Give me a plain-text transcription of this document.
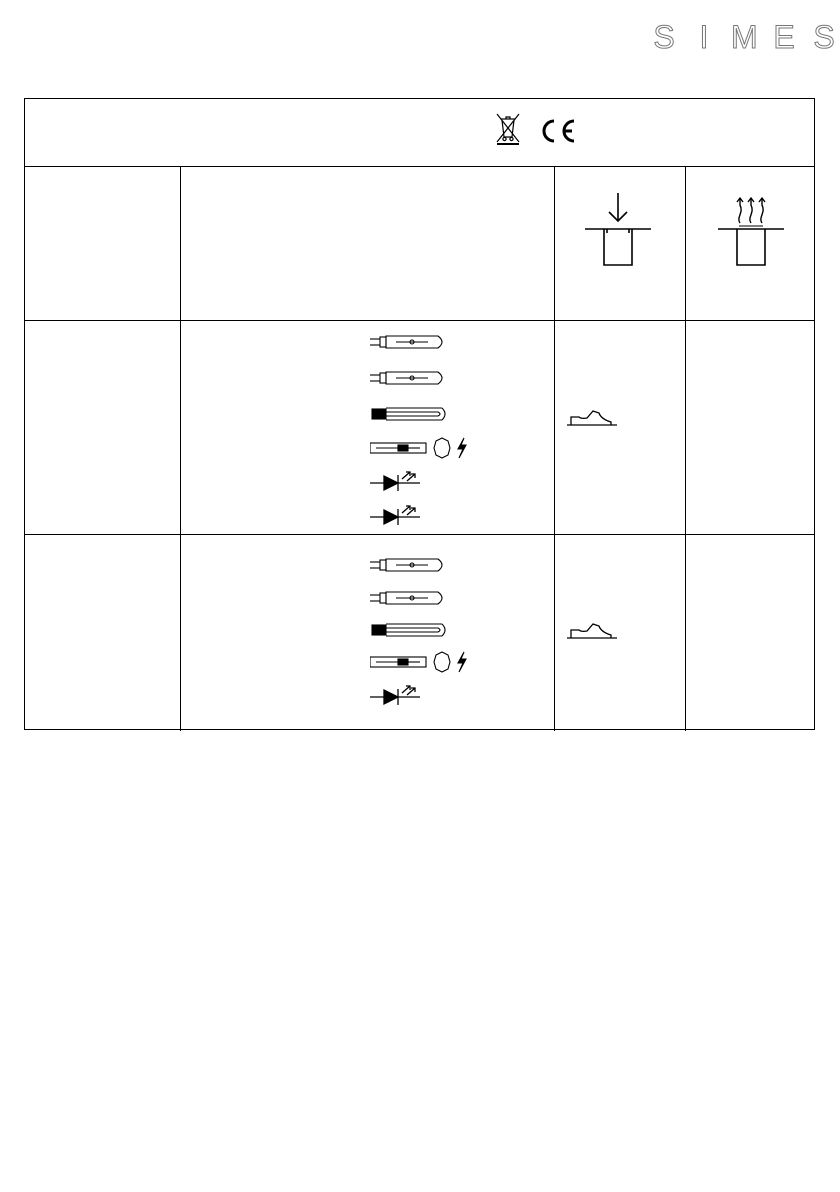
S I M E S
